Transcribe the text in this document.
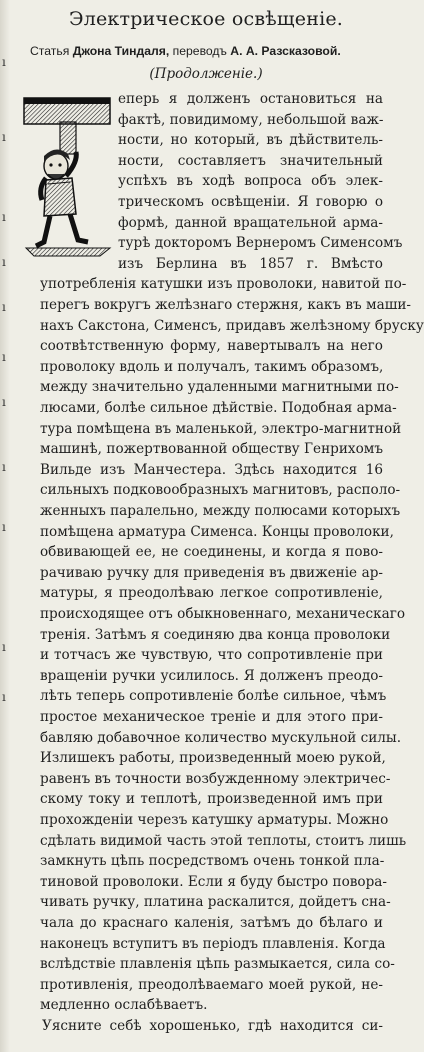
ı
ı
ı
ı
ı
ı
ı
ı
ı
ı
ı
Электрическое освѣщеніе.
Статья Джона Тиндаля, переводъ А. А. Разсказовой.
(Продолженіе.)
еперь я долженъ остановиться на
фактѣ, повидимому, небольшой важ-
ности, но который, въ дѣйствитель-
ности, составляетъ значительный
успѣхъ въ ходѣ вопроса объ элек-
трическомъ освѣщеніи. Я говорю о
формѣ, данной вращательной арма-
турѣ докторомъ Вернеромъ Сименсомъ
изъ Берлина въ 1857 г. Вмѣсто
употребленія катушки изъ проволоки, навитой по-
перегъ вокругъ желѣзнаго стержня, какъ въ маши-
нахъ Сакстона, Сименсъ, придавъ желѣзному бруску
соотвѣтственную форму, навертывалъ на него
проволоку вдоль и получалъ, такимъ образомъ,
между значительно удаленными магнитными по-
люсами, болѣе сильное дѣйствіе. Подобная арма-
тура помѣщена въ маленькой, электро-магнитной
машинѣ, пожертвованной обществу Генрихомъ
Вильде изъ Манчестера. Здѣсь находится 16
сильныхъ подковообразныхъ магнитовъ, располо-
женныхъ паралельно, между полюсами которыхъ
помѣщена арматура Сименса. Концы проволоки,
обвивающей ее, не соединены, и когда я пово-
рачиваю ручку для приведенія въ движеніе ар-
матуры, я преодолѣваю легкое сопротивленіе,
происходящее отъ обыкновеннаго, механическаго
тренія. Затѣмъ я соединяю два конца проволоки
и тотчасъ же чувствую, что сопротивленіе при
вращеніи ручки усилилось. Я долженъ преодо-
лѣть теперь сопротивленіе болѣе сильное, чѣмъ
простое механическое треніе и для этого при-
бавляю добавочное количество мускульной силы.
Излишекъ работы, произведенный моею рукой,
равенъ въ точности возбужденному электричес-
скому току и теплотѣ, произведенной имъ при
прохожденіи черезъ катушку арматуры. Можно
сдѣлать видимой часть этой теплоты, стоитъ лишь
замкнуть цѣпь посредствомъ очень тонкой пла-
тиновой проволоки. Если я буду быстро повора-
чивать ручку, платина раскалится, дойдетъ сна-
чала до краснаго каленія, затѣмъ до бѣлаго и
наконецъ вступитъ въ періодъ плавленія. Когда
вслѣдствіе плавленія цѣпь размыкается, сила со-
противленія, преодолѣваемаго моей рукой, не-
медленно ослабѣваетъ.
Уясните себѣ хорошенько, гдѣ находится си-
